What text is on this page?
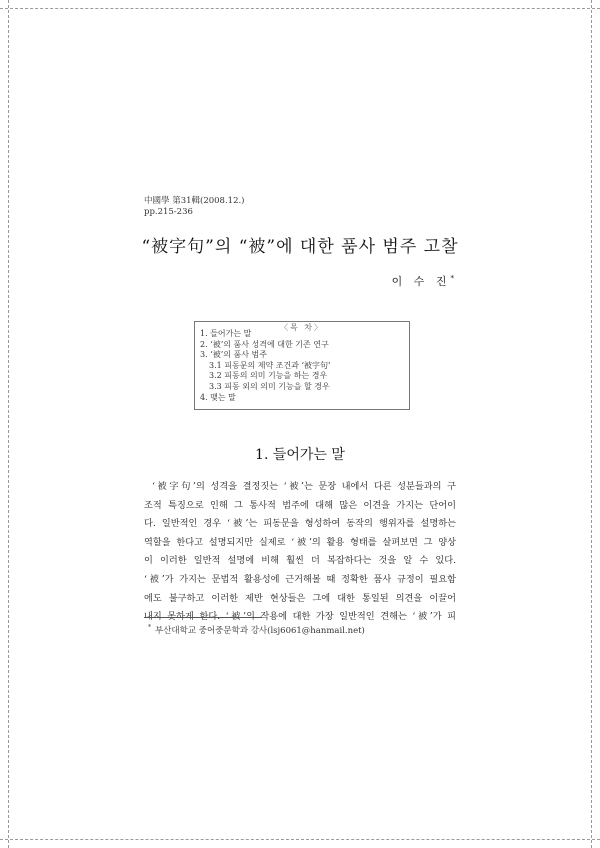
中國學 第31輯(2008.12.)
pp.215-236
“被字句”의 “被”에 대한 품사 범주 고찰
이 수 진*
〈목 차〉
1. 들어가는 말
2. ‘被’의 품사 성격에 대한 기존 연구
3. ‘被’의 품사 범주
3.1 피동문의 제약 조건과 ‘被字句’
3.2 피동의 의미 기능을 하는 경우
3.3 피동 외의 의미 기능을 할 경우
4. 맺는 말
1. 들어가는 말
‘被字句’의 성격을 결정짓는 ‘被’는 문장 내에서 다른 성분들과의 구
조적 특징으로 인해 그 통사적 범주에 대해 많은 이견을 가지는 단어이
다. 일반적인 경우 ‘被’는 피동문을 형성하여 동작의 행위자를 설명하는
역할을 한다고 설명되지만 실제로 ‘被’의 활용 형태를 살펴보면 그 양상
이 이러한 일반적 설명에 비해 훨씬 더 복잡하다는 것을 알 수 있다.
‘被’가 가지는 문법적 활용성에 근거해볼 때 정확한 품사 규정이 필요함
에도 불구하고 이러한 제반 현상들은 그에 대한 통일된 의견을 이끌어
내지 못하게 한다. ‘被’의 작용에 대한 가장 일반적인 견해는 ‘被’가 피
* 부산대학교 중어중문학과 강사(lsj6061@hanmail.net)
